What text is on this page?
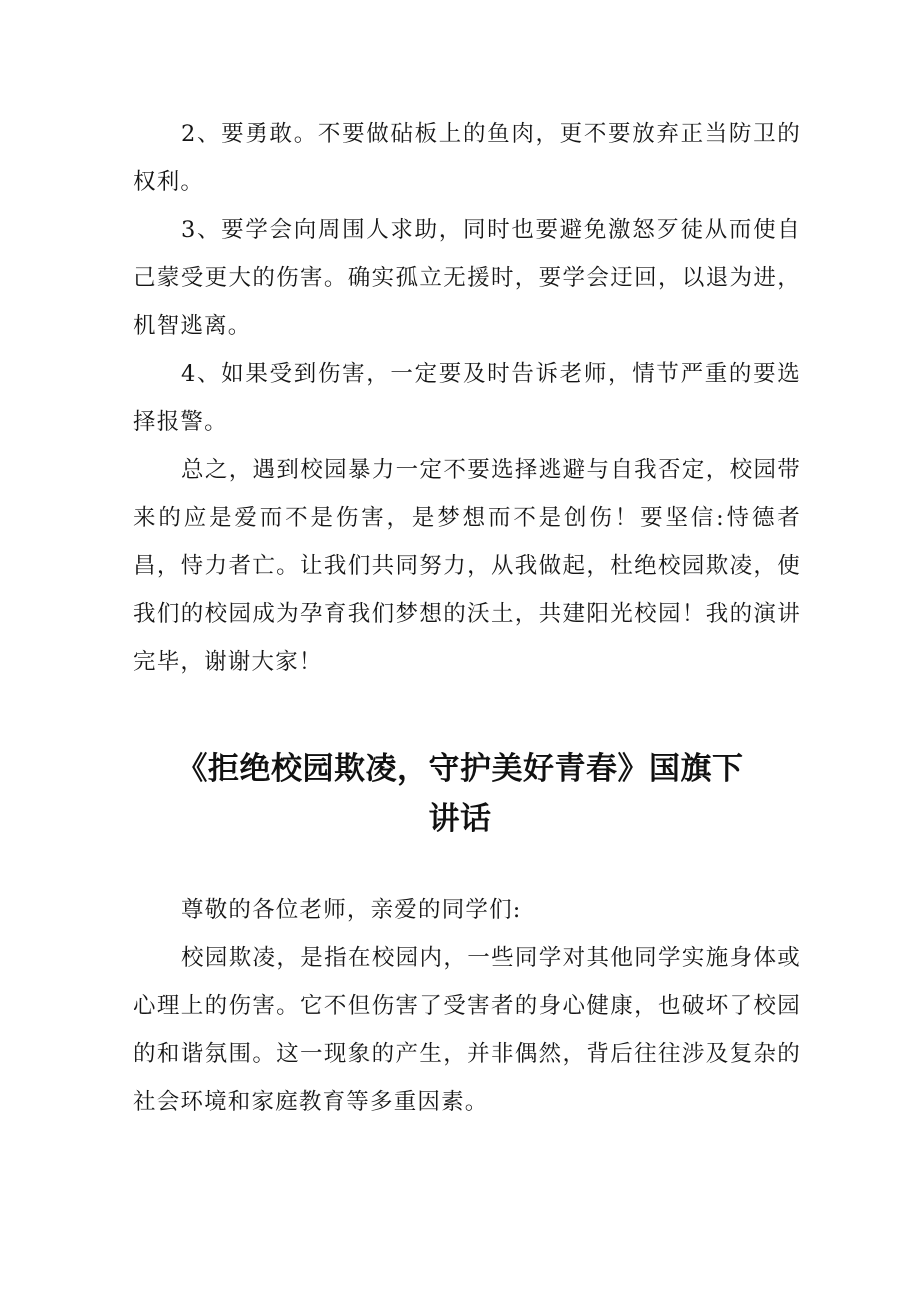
2、要勇敢。不要做砧板上的鱼肉，更不要放弃正当防卫的权利。

3、要学会向周围人求助，同时也要避免激怒歹徒从而使自己蒙受更大的伤害。确实孤立无援时，要学会迂回，以退为进，机智逃离。

4、如果受到伤害，一定要及时告诉老师，情节严重的要选择报警。

总之，遇到校园暴力一定不要选择逃避与自我否定，校园带来的应是爱而不是伤害，是梦想而不是创伤！要坚信:恃德者昌，恃力者亡。让我们共同努力，从我做起，杜绝校园欺凌，使我们的校园成为孕育我们梦想的沃土，共建阳光校园！我的演讲完毕，谢谢大家！

《拒绝校园欺凌，守护美好青春》国旗下
讲话

尊敬的各位老师，亲爱的同学们:

校园欺凌，是指在校园内，一些同学对其他同学实施身体或心理上的伤害。它不但伤害了受害者的身心健康，也破坏了校园的和谐氛围。这一现象的产生，并非偶然，背后往往涉及复杂的社会环境和家庭教育等多重因素。
